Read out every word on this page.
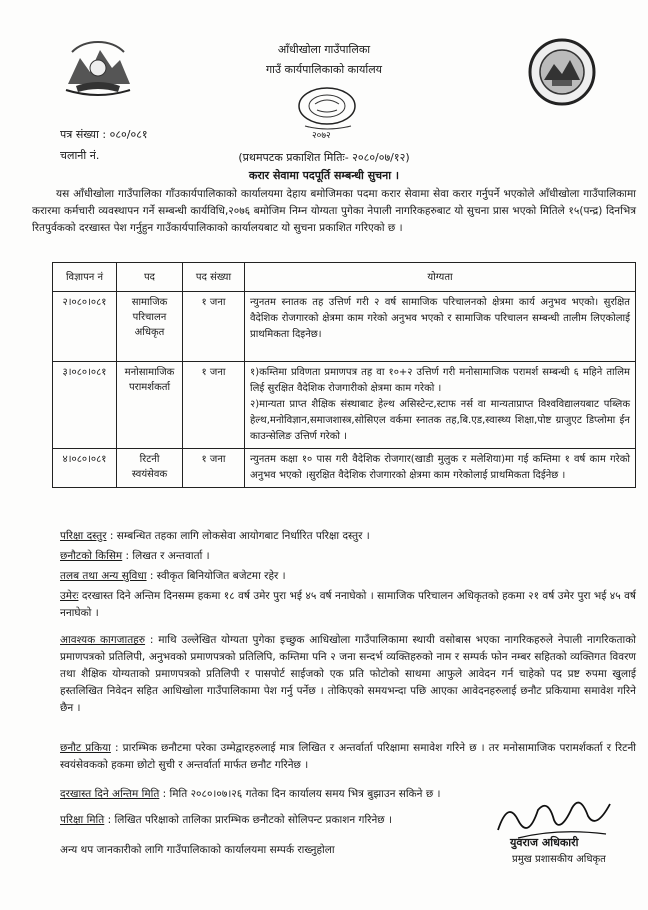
आँधीखोला गाउँपालिका
गाउँ कार्यपालिकाको कार्यालय
२०७२
पत्र संख्या : ०८०/०८१
चलानी नं.	(प्रथमपटक प्रकाशित मितिः- २०८०/०७/१२)
करार सेवामा पदपूर्ति सम्बन्धी सुचना ।
यस आँधीखोला गाउँपालिका गाँउकार्यपालिकाको कार्यालयमा देहाय बमोजिमका पदमा करार सेवामा सेवा करार गर्नुपर्ने भएकोले आँधीखोला गाउँपालिकामा करारमा कर्मचारी व्यवस्थापन गर्ने सम्बन्धी कार्यविधि,२०७६ बमोजिम निम्न योग्यता पुगेका नेपाली नागरिकहरुबाट यो सुचना प्रास भएको मितिले १५(पन्द्र) दिनभित्र रितपुर्वकको दरखास्त पेश गर्नुहुन गाउँकार्यपालिकाको कार्यालयबाट यो सुचना प्रकाशित गरिएको छ ।
विज्ञापन नं	पद	पद संख्या	योग्यता
२।०८०।०८१	सामाजिक परिचालन अधिकृत	१ जना	न्युनतम स्नातक तह उत्तिर्ण गरी २ वर्ष सामाजिक परिचालनको क्षेत्रमा कार्य अनुभव भएको। सुरक्षित वैदेशिक रोजगारको क्षेत्रमा काम गरेको अनुभव भएको र सामाजिक परिचालन सम्बन्धी तालीम लिएकोलाई प्राथमिकता दिइनेछ।
३।०८०।०८१	मनोसामाजिक परामर्शकर्ता	१ जना	१)कम्तिमा प्रविणता प्रमाणपत्र तह वा १०+२ उत्तिर्ण गरी मनोसामाजिक परामर्श सम्बन्धी ६ महिने तालिम लिई सुरक्षित वैदेशिक रोजगारीको क्षेत्रमा काम गरेको ।
२)मान्यता प्राप्त शैक्षिक संस्थाबाट हेल्थ असिस्टेन्ट,स्टाफ नर्स वा मान्यताप्राप्त विश्वविद्यालयबाट पब्लिक हेल्थ,मनोविज्ञान,समाजशास्त्र,सोसिएल वर्कमा स्नातक तह,बि.एड,स्वास्थ्य शिक्षा,पोष्ट ग्राजुएट डिप्लोमा ईन काउन्सेलिङ उत्तिर्ण गरेको ।

४।०८०।०८१	रिटनी स्वयंसेवक	१ जना	न्युनतम कक्षा १० पास गरी वैदेशिक रोजगार(खाडी मुलुक र मलेशिया)मा गई कम्तिमा १ वर्ष काम गरेको अनुभव भएको ।सुरक्षित वैदेशिक रोजगारको क्षेत्रमा काम गरेकोलाई प्राथमिकता दिईनेछ ।
परिक्षा दस्तुर : सम्बन्धित तहका लागि लोकसेवा आयोगबाट निर्धारित परिक्षा दस्तुर ।
छनौटको किसिम : लिखत र अन्तवार्ता ।
तलब तथा अन्य सुविधा : स्वीकृत बिनियोजित बजेटमा रहेर ।
उमेरः दरखास्त दिने अन्तिम दिनसम्म हकमा १८ वर्ष उमेर पुरा भई ४५ वर्ष ननाघेको । सामाजिक परिचालन अधिकृतको हकमा २१ वर्ष उमेर पुरा भई ४५ वर्ष ननाघेको ।
आवश्यक कागजातहरु : माथि उल्लेखित योग्यता पुगेका इच्छुक आधिखोला गाउँपालिकामा स्थायी वसोबास भएका नागरिकहरुले नेपाली नागरिकताको प्रमाणपत्रको प्रतिलिपी, अनुभवको प्रमाणपत्रको प्रतिलिपि, कम्तिमा पनि २ जना सन्दर्भ व्यक्तिहरुको नाम र सम्पर्क फोन नम्बर सहितको व्यक्तिगत विवरण तथा शैक्षिक योग्यताको प्रमाणपत्रको प्रतिलिपी र पासपोर्ट साईजको एक प्रति फोटोको साथमा आफुले आवेदन गर्न चाहेको पद प्रष्ट रुपमा खुलाई हस्तलिखित निवेदन सहित आधिखोला गाउँपालिकामा पेश गर्नु पर्नेछ । तोकिएको समयभन्दा पछि आएका आवेदनहरुलाई छनौट प्रकियामा समावेश गरिने छैन ।
छनौट प्रकिया : प्रारम्भिक छनौटमा परेका उम्मेद्वारहरुलाई मात्र लिखित र अन्तर्वार्ता परिक्षामा समावेश गरिने छ । तर मनोसामाजिक परामर्शकर्ता र रिटनी स्वयंसेवकको हकमा छोटो सुची र अन्तर्वार्ता मार्फत छनौट गरिनेछ ।
दरखास्त दिने अन्तिम मिति : मिति २०८०।०७।२६ गतेका दिन कार्यालय समय भित्र बुझाउन सकिने छ ।
परिक्षा मिति : लिखित परिक्षाको तालिका प्रारम्भिक छनौटको सोलिपन्ट प्रकाशन गरिनेछ ।
अन्य थप जानकारीको लागि गाउँपालिकाको कार्यालयमा सम्पर्क राख्नुहोला
युवराज अधिकारी
प्रमुख प्रशासकीय अधिकृत
